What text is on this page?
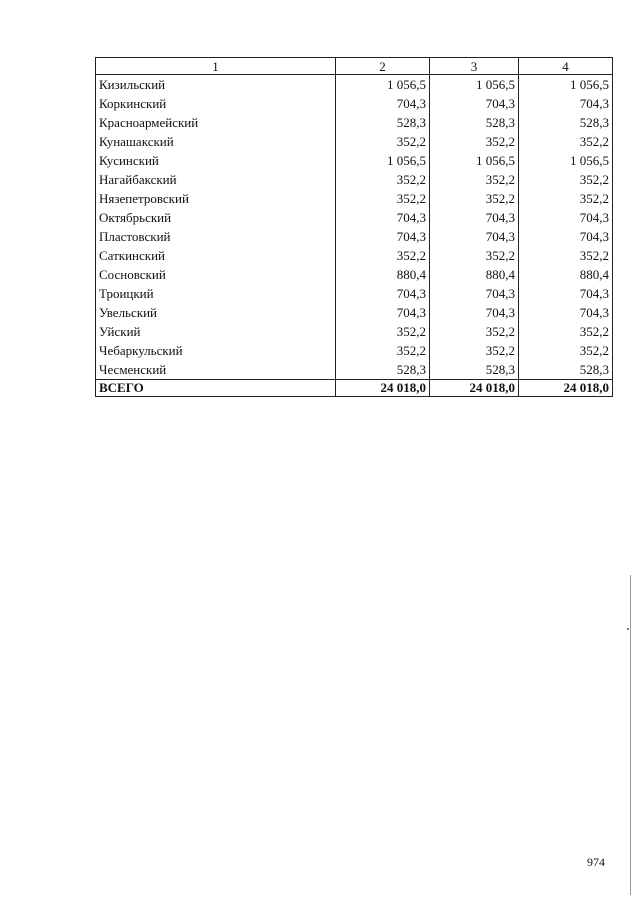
1	2	3	4
Кизильский	1 056,5	1 056,5	1 056,5
Коркинский	704,3	704,3	704,3
Красноармейский	528,3	528,3	528,3
Кунашакский	352,2	352,2	352,2
Кусинский	1 056,5	1 056,5	1 056,5
Нагайбакский	352,2	352,2	352,2
Нязепетровский	352,2	352,2	352,2
Октябрьский	704,3	704,3	704,3
Пластовский	704,3	704,3	704,3
Саткинский	352,2	352,2	352,2
Сосновский	880,4	880,4	880,4
Троицкий	704,3	704,3	704,3
Увельский	704,3	704,3	704,3
Уйский	352,2	352,2	352,2
Чебаркульский	352,2	352,2	352,2
Чесменский	528,3	528,3	528,3
ВСЕГО	24 018,0	24 018,0	24 018,0
974
